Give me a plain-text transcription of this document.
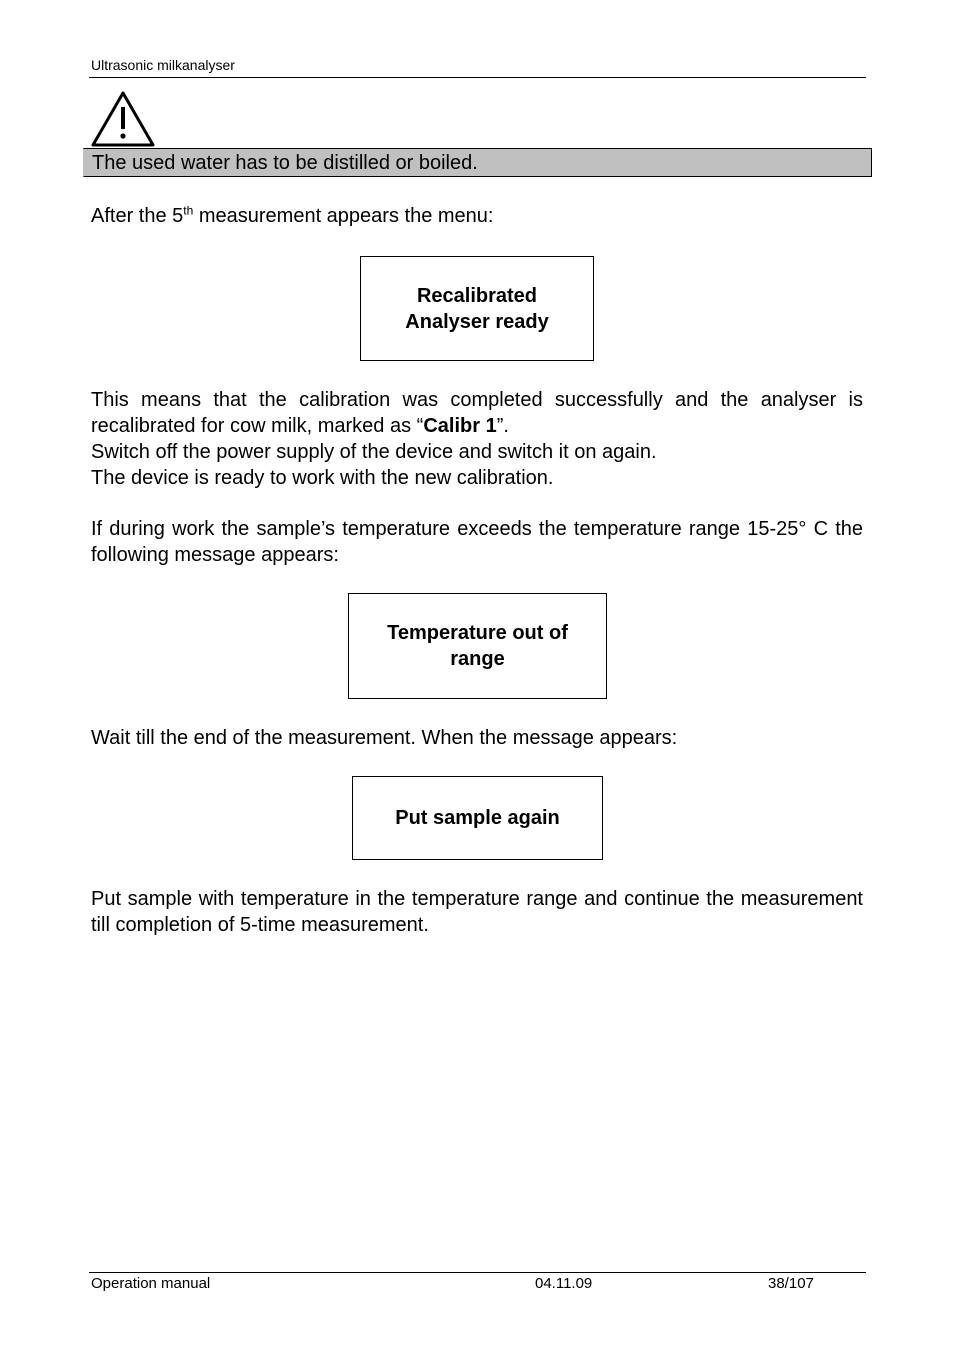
Ultrasonic milkanalyser
The used water has to be distilled or boiled.

After the 5th measurement appears the menu:

Recalibrated
Analyser ready
This means that the calibration was completed successfully and the analyser is recalibrated for cow milk, marked as “Calibr 1”.
Switch off the power supply of the device and switch it on again.
The device is ready to work with the new calibration.

If during work the sample’s temperature exceeds the temperature range 15-25° C the following message appears:

Temperature out of
range

Wait till the end of the measurement. When the message appears:

Put sample again

Put sample with temperature in the temperature range and continue the measurement till completion of 5-time measurement.

Operation manual	04.11.09	38/107
